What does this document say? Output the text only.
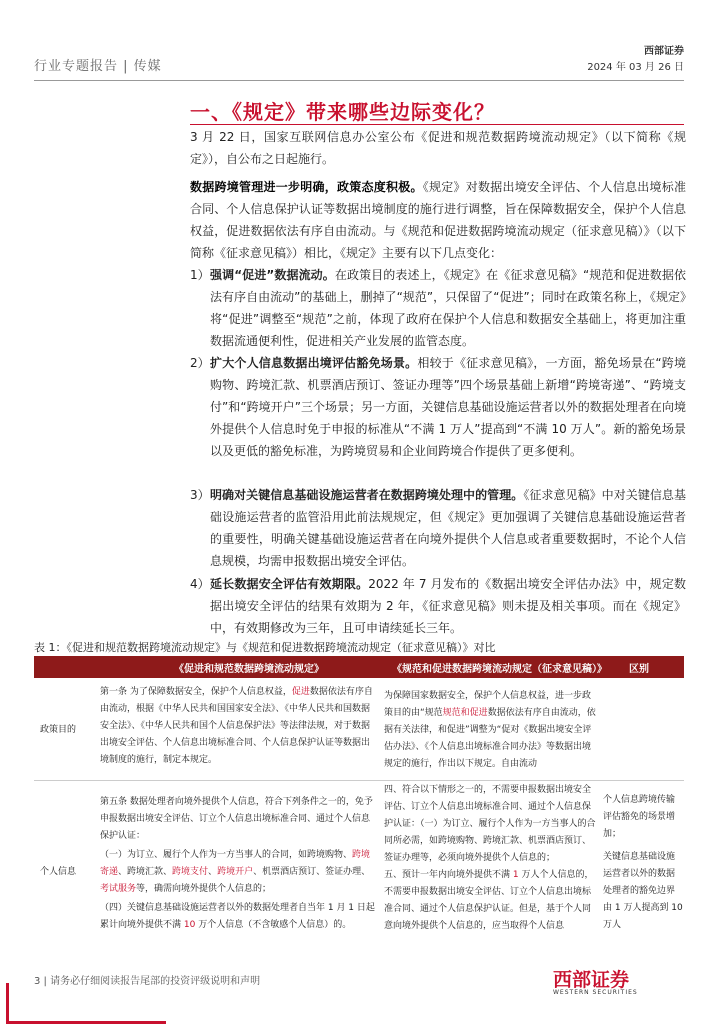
行业专题报告 | 传媒
西部证券
2024 年 03 月 26 日
一、《规定》带来哪些边际变化？
3 月 22 日，国家互联网信息办公室公布《促进和规范数据跨境流动规定》（以下简称《规定》），自公布之日起施行。
数据跨境管理进一步明确，政策态度积极。《规定》对数据出境安全评估、个人信息出境标准合同、个人信息保护认证等数据出境制度的施行进行调整，旨在保障数据安全，保护个人信息权益，促进数据依法有序自由流动。与《规范和促进数据跨境流动规定（征求意见稿）》（以下简称《征求意见稿》）相比，《规定》主要有以下几点变化：
1） 强调“促进”数据流动。在政策目的表述上，《规定》在《征求意见稿》“规范和促进数据依法有序自由流动”的基础上，删掉了“规范”，只保留了“促进”；同时在政策名称上，《规定》将“促进”调整至“规范”之前，体现了政府在保护个人信息和数据安全基础上，将更加注重数据流通便利性，促进相关产业发展的监管态度。
2） 扩大个人信息数据出境评估豁免场景。相较于《征求意见稿》，一方面，豁免场景在“跨境购物、跨境汇款、机票酒店预订、签证办理等”四个场景基础上新增“跨境寄递”、“跨境支付”和“跨境开户”三个场景；另一方面，关键信息基础设施运营者以外的数据处理者在向境外提供个人信息时免于申报的标准从“不满 1 万人”提高到“不满 10 万人”。新的豁免场景以及更低的豁免标准，为跨境贸易和企业间跨境合作提供了更多便利。
3） 明确对关键信息基础设施运营者在数据跨境处理中的管理。《征求意见稿》中对关键信息基础设施运营者的监管沿用此前法规规定，但《规定》更加强调了关键信息基础设施运营者的重要性，明确关键基础设施运营者在向境外提供个人信息或者重要数据时，不论个人信息规模，均需申报数据出境安全评估。
4） 延长数据安全评估有效期限。2022 年 7 月发布的《数据出境安全评估办法》中，规定数据出境安全评估的结果有效期为 2 年，《征求意见稿》则未提及相关事项。而在《规定》中，有效期修改为三年，且可申请续延长三年。
表 1：《促进和规范数据跨境流动规定》与《规范和促进数据跨境流动规定（征求意见稿）》对比
《促进和规范数据跨境流动规定》	《规范和促进数据跨境流动规定（征求意见稿）》 区别
政策目的
第一条 为了保障数据安全，保护个人信息权益，促进数据依法有序自由流动，根据《中华人民共和国国家安全法》、《中华人民共和国数据安全法》、《中华人民共和国个人信息保护法》等法律法规，对于数据出境安全评估、个人信息出境标准合同、个人信息保护认证等数据出境制度的施行，制定本规定。
为保障国家数据安全，保护个人信息权益，进一步政策目的由“规范规范和促进数据依法有序自由流动，依据有关法律，和促进”调整为“促对《数据出境安全评估办法》、《个人信息出境标准合同办法》等数据出境规定的施行，作出以下规定。自由流动
个人信息
第五条 数据处理者向境外提供个人信息，符合下列条件之一的，免予申报数据出境安全评估、订立个人信息出境标准合同、通过个人信息保护认证：
（一）为订立、履行个人作为一方当事人的合同，如跨境购物、跨境寄递、跨境汇款、跨境支付、跨境开户、机票酒店预订、签证办理、考试服务等，确需向境外提供个人信息的；
（四）关键信息基础设施运营者以外的数据处理者自当年 1 月 1 日起累计向境外提供不满 10 万个人信息（不含敏感个人信息）的。
四、符合以下情形之一的，不需要申报数据出境安全评估、订立个人信息出境标准合同、通过个人信息保护认证：（一）为订立、履行个人作为一方当事人的合同所必需，如跨境购物、跨境汇款、机票酒店预订、签证办理等，必须向境外提供个人信息的；
五、预计一年内向境外提供不满 1 万人个人信息的，不需要申报数据出境安全评估、订立个人信息出境标准合同、通过个人信息保护认证。但是，基于个人同意向境外提供个人信息的，应当取得个人信息
个人信息跨境传输评估豁免的场景增加；
关键信息基础设施运营者以外的数据处理者的豁免边界由 1 万人提高到 10 万人
3 | 请务必仔细阅读报告尾部的投资评级说明和声明	西部证券
WESTERN SECURITIES
